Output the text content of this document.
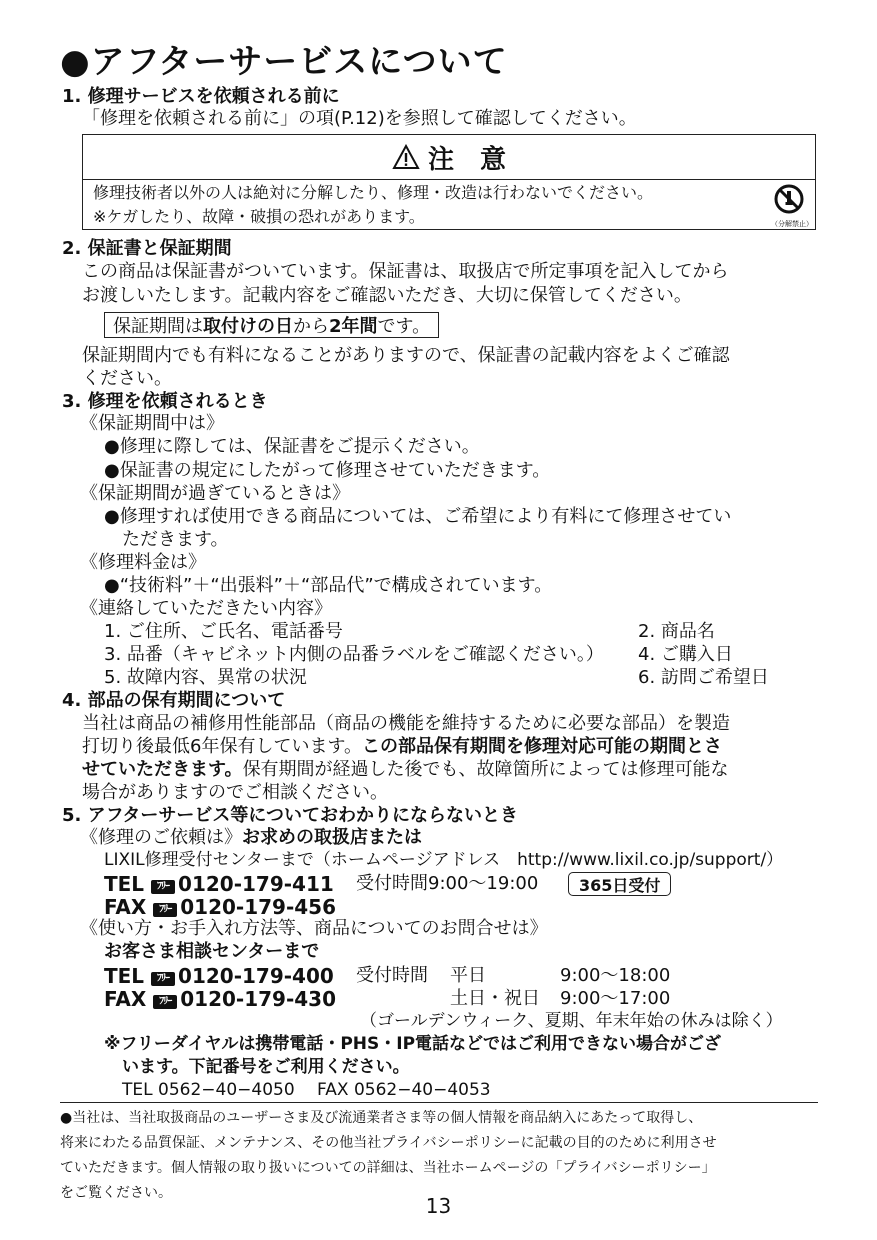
●アフターサービスについて
1. 修理サービスを依頼される前に
「修理を依頼される前に」の項(P.12)を参照して確認してください。
注　意
修理技術者以外の人は絶対に分解したり、修理・改造は行わないでください。
※ケガしたり、故障・破損の恐れがあります。	（分解禁止）
2. 保証書と保証期間
この商品は保証書がついています。保証書は、取扱店で所定事項を記入してから
お渡しいたします。記載内容をご確認いただき、大切に保管してください。
保証期間は 取付けの日 から 2年間 です。
保証期間内でも有料になることがありますので、保証書の記載内容をよくご確認
ください。
3. 修理を依頼されるとき
《保証期間中は》
●修理に際しては、保証書をご提示ください。
●保証書の規定にしたがって修理させていただきます。
《保証期間が過ぎているときは》
●修理すれば使用できる商品については、ご希望により有料にて修理させてい
ただきます。
《修理料金は》
●“技術料”＋“出張料”＋“部品代”で構成されています。
《連絡していただきたい内容》
1. ご住所、ご氏名、電話番号	2. 商品名
3. 品番（キャビネット内側の品番ラベルをご確認ください。） 4. ご購入日
5. 故障内容、異常の状況	6. 訪問ご希望日
4. 部品の保有期間について
当社は商品の補修用性能部品（商品の機能を維持するために必要な部品）を製造
打切り後最低6年保有しています。この部品保有期間を修理対応可能の期間とさ
せていただきます。保有期間が経過した後でも、故障箇所によっては修理可能な
場合がありますのでご相談ください。
5. アフターサービス等についておわかりにならないとき
《修理のご依頼は》お求めの取扱店または
LIXIL修理受付センターまで（ホームページアドレス　http://www.lixil.co.jp/support/）
TEL ﾌﾘｰ 0120-179-411 受付時間9:00～19:00	365日受付
FAX ﾌﾘｰ 0120-179-456
《使い方・お手入れ方法等、商品についてのお問合せは》
お客さま相談センターまで
TEL ﾌﾘｰ 0120-179-400 受付時間 平日	9:00～18:00
FAX ﾌﾘｰ 0120-179-430	土日・祝日 9:00～17:00
（ゴールデンウィーク、夏期、年末年始の休みは除く）
※フリーダイヤルは携帯電話・PHS・IP電話などではご利用できない場合がござ
います。下記番号をご利用ください。
TEL 0562−40−4050　 FAX 0562−40−4053
●当社は、当社取扱商品のユーザーさま及び流通業者さま等の個人情報を商品納入にあたって取得し、
将来にわたる品質保証、メンテナンス、その他当社プライバシーポリシーに記載の目的のために利用させ
ていただきます。個人情報の取り扱いについての詳細は、当社ホームページの「プライバシーポリシー」
をご覧ください。
13
